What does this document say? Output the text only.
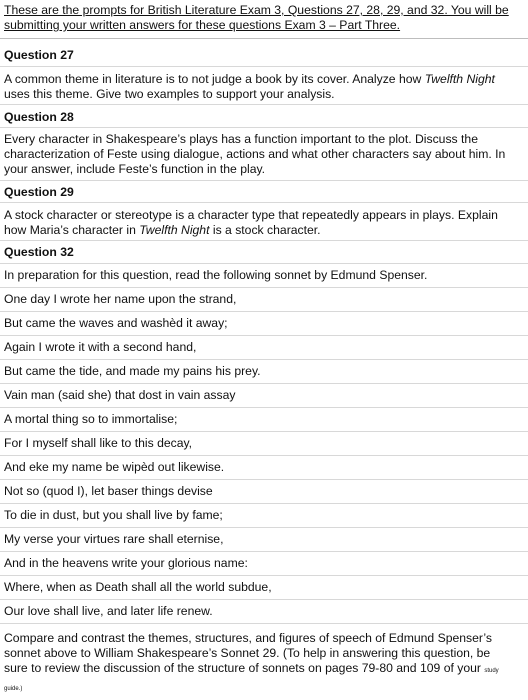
These are the prompts for British Literature Exam 3, Questions 27, 28, 29, and 32. You will be
submitting your written answers for these questions Exam 3 – Part Three.
Question 27
A common theme in literature is to not judge a book by its cover. Analyze how Twelfth Night
uses this theme. Give two examples to support your analysis.
Question 28
Every character in Shakespeare’s plays has a function important to the plot. Discuss the
characterization of Feste using dialogue, actions and what other characters say about him. In
your answer, include Feste’s function in the play.
Question 29
A stock character or stereotype is a character type that repeatedly appears in plays. Explain
how Maria’s character in Twelfth Night is a stock character.
Question 32
In preparation for this question, read the following sonnet by Edmund Spenser.
One day I wrote her name upon the strand,
But came the waves and washèd it away;
Again I wrote it with a second hand,
But came the tide, and made my pains his prey.
Vain man (said she) that dost in vain assay
A mortal thing so to immortalise;
For I myself shall like to this decay,
And eke my name be wipèd out likewise.
Not so (quod I), let baser things devise
To die in dust, but you shall live by fame;
My verse your virtues rare shall eternise,
And in the heavens write your glorious name:
Where, when as Death shall all the world subdue,
Our love shall live, and later life renew.
Compare and contrast the themes, structures, and figures of speech of Edmund Spenser’s
sonnet above to William Shakespeare’s Sonnet 29. (To help in answering this question, be
sure to review the discussion of the structure of sonnets on pages 79-80 and 109 of your study
guide.)
